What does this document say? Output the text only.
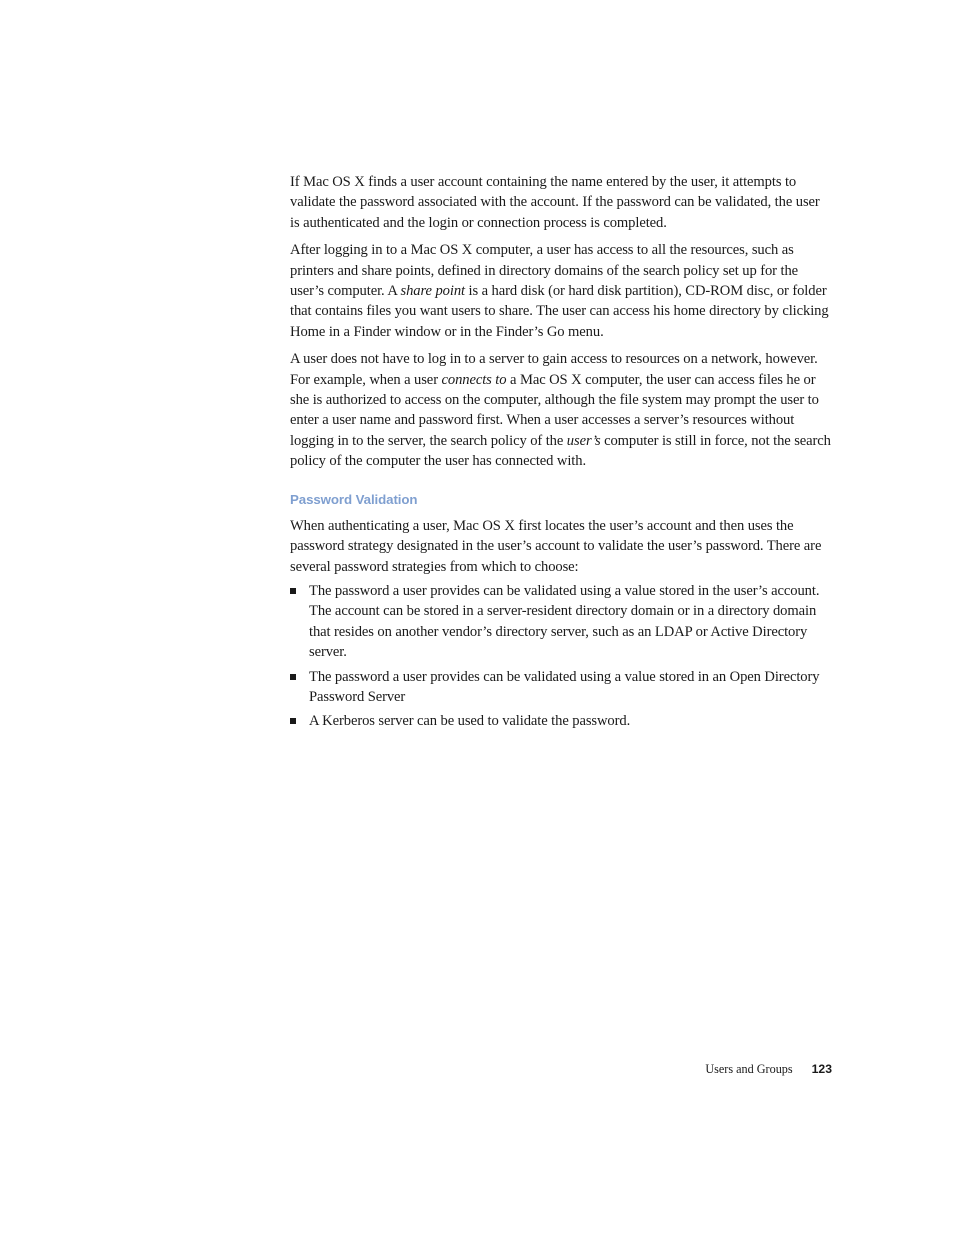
If Mac OS X finds a user account containing the name entered by the user, it attempts to validate the password associated with the account. If the password can be validated, the user is authenticated and the login or connection process is completed.

After logging in to a Mac OS X computer, a user has access to all the resources, such as printers and share points, defined in directory domains of the search policy set up for the user’s computer. A share point is a hard disk (or hard disk partition), CD-ROM disc, or folder that contains files you want users to share. The user can access his home directory by clicking Home in a Finder window or in the Finder’s Go menu.

A user does not have to log in to a server to gain access to resources on a network, however. For example, when a user connects to a Mac OS X computer, the user can access files he or she is authorized to access on the computer, although the file system may prompt the user to enter a user name and password first. When a user accesses a server’s resources without logging in to the server, the search policy of the user’s computer is still in force, not the search policy of the computer the user has connected with.

Password Validation

When authenticating a user, Mac OS X first locates the user’s account and then uses the password strategy designated in the user’s account to validate the user’s password. There are several password strategies from which to choose:

The password a user provides can be validated using a value stored in the user’s account. The account can be stored in a server-resident directory domain or in a directory domain that resides on another vendor’s directory server, such as an LDAP or Active Directory server.
The password a user provides can be validated using a value stored in an Open Directory Password Server
A Kerberos server can be used to validate the password.
Users and Groups 123
